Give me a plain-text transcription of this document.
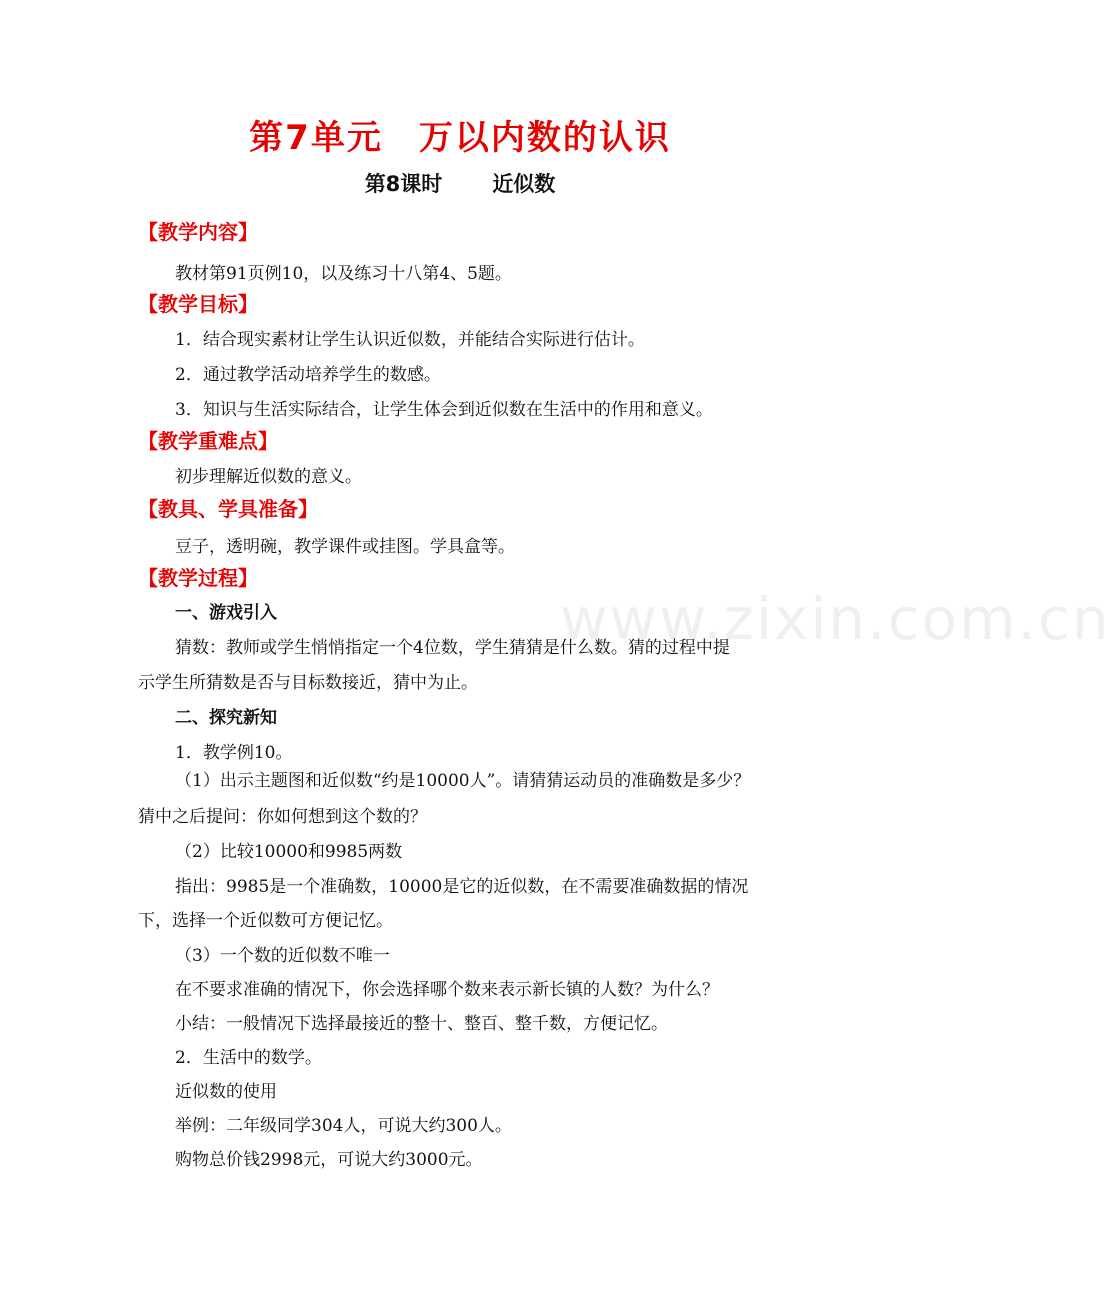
第7单元　万以内数的认识
第8课时 近似数
【教学内容】
教材第91页例10，以及练习十八第4、5题。
【教学目标】
1．结合现实素材让学生认识近似数，并能结合实际进行估计。
2．通过教学活动培养学生的数感。
3．知识与生活实际结合，让学生体会到近似数在生活中的作用和意义。
【教学重难点】
初步理解近似数的意义。
【教具、学具准备】
豆子，透明碗，教学课件或挂图。学具盒等。
【教学过程】
一、游戏引入
猜数：教师或学生悄悄指定一个4位数，学生猜猜是什么数。猜的过程中提
示学生所猜数是否与目标数接近，猜中为止。
二、探究新知
1．教学例10。
（1）出示主题图和近似数“约是10000人”。请猜猜运动员的准确数是多少？
猜中之后提问：你如何想到这个数的？
（2）比较10000和9985两数
指出：9985是一个准确数，10000是它的近似数，在不需要准确数据的情况
下，选择一个近似数可方便记忆。
（3）一个数的近似数不唯一
在不要求准确的情况下，你会选择哪个数来表示新长镇的人数？为什么？
小结：一般情况下选择最接近的整十、整百、整千数，方便记忆。
2．生活中的数学。
近似数的使用
举例：二年级同学304人，可说大约300人。
购物总价钱2998元，可说大约3000元。
www.zixin.com.cn
